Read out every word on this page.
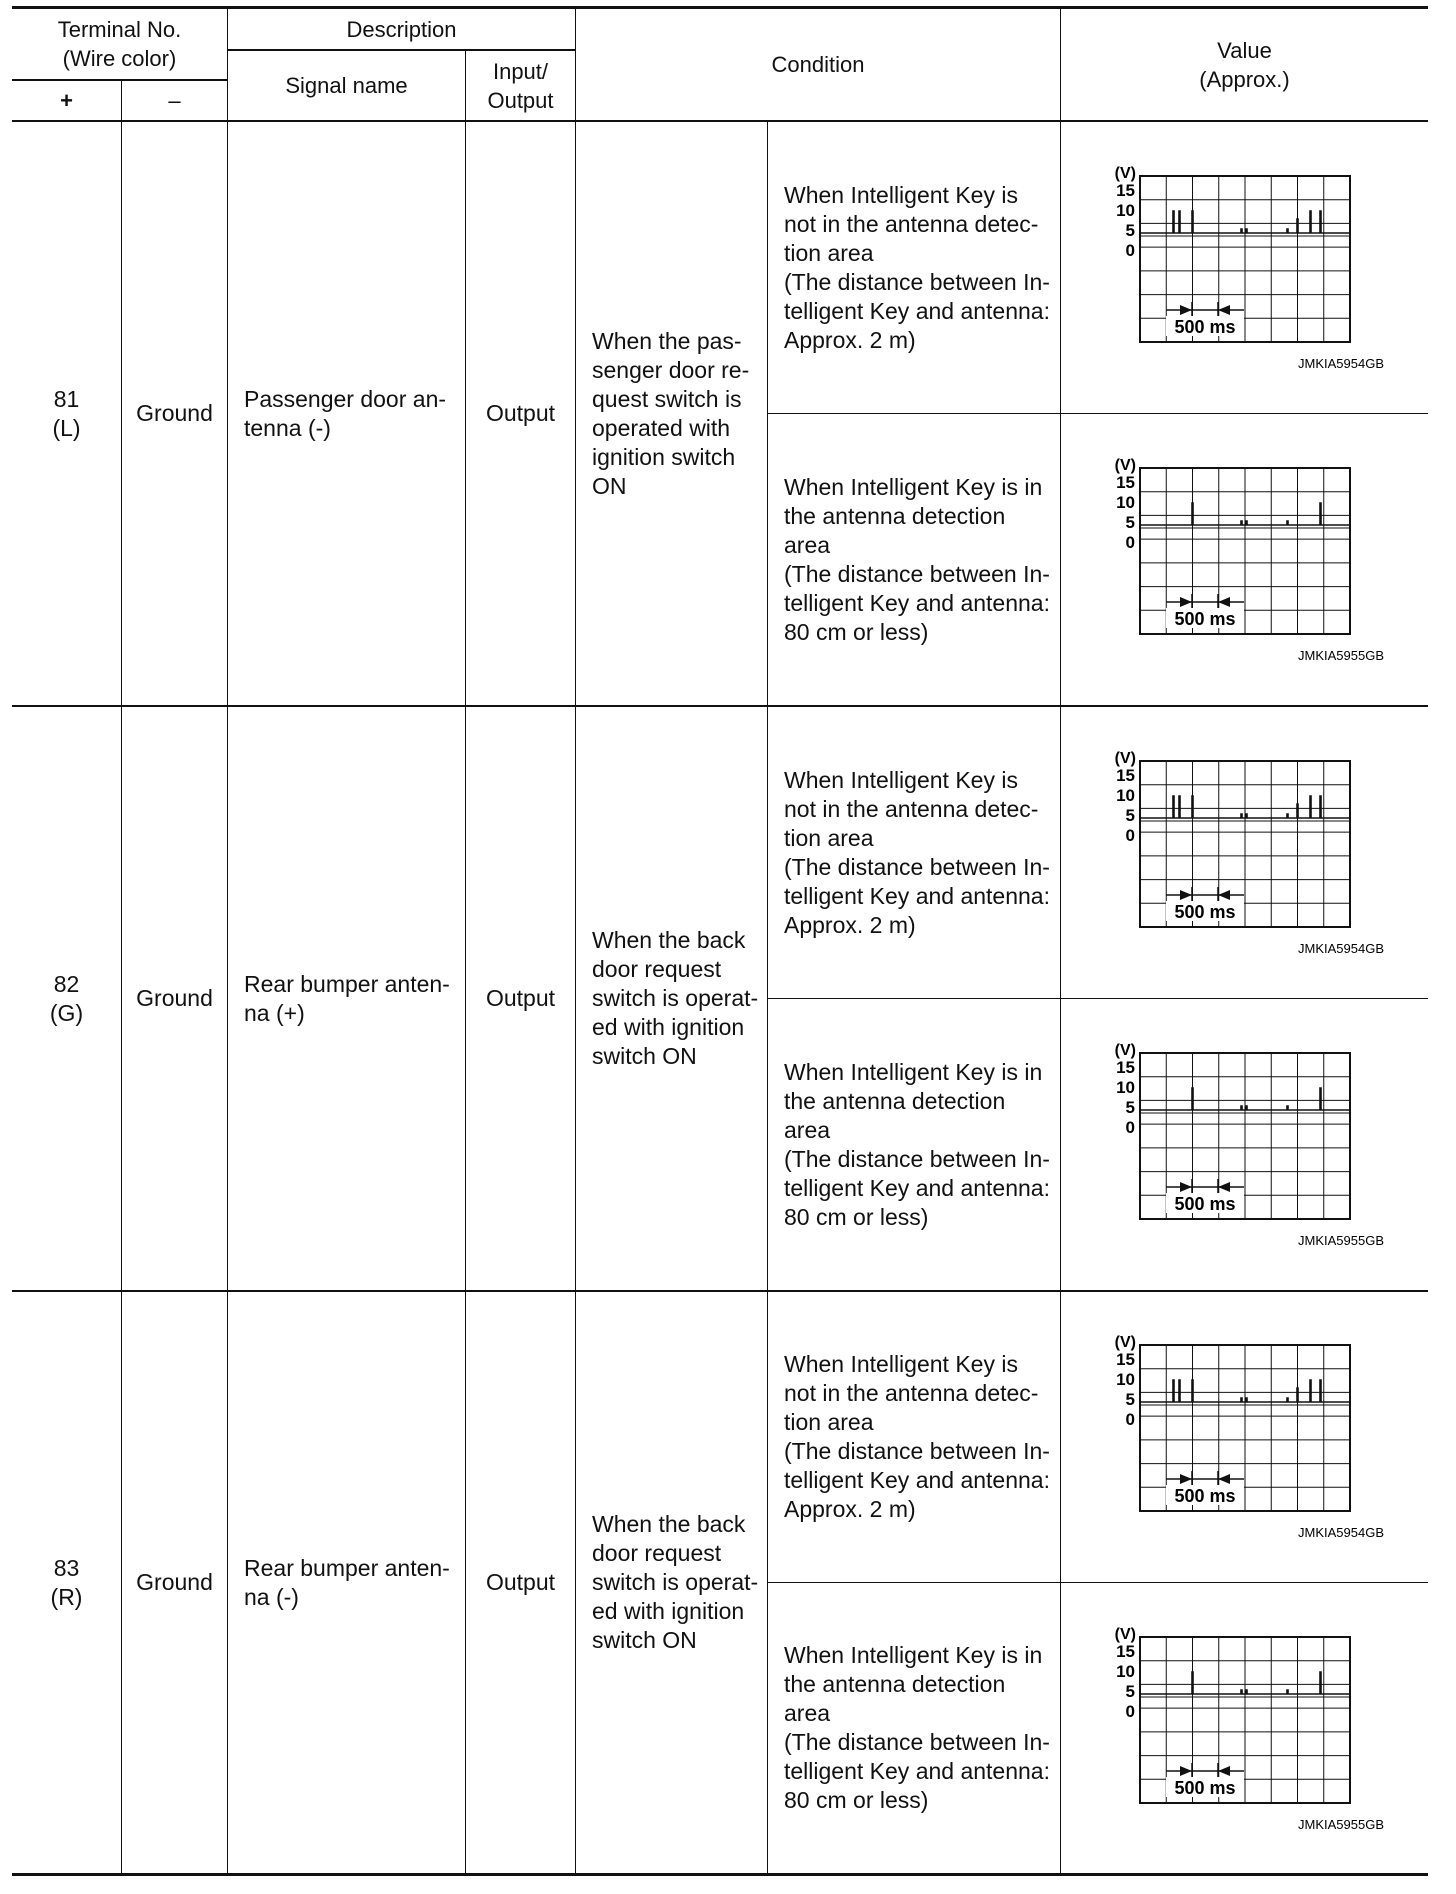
Terminal No.
(Wire color)
+	–
Description
Signal name
Input/
Output
Condition
Value
(Approx.)
81
(L)
Ground
Passenger door an-
tenna (-)
Output
When the pas-
senger door re-
quest switch is
operated with
ignition switch
ON
When Intelligent Key is
not in the antenna detec-
tion area
(The distance between In-
telligent Key and antenna:
Approx. 2 m)
When Intelligent Key is in
the antenna detection
area
(The distance between In-
telligent Key and antenna:
80 cm or less)
82
(G)
Ground
Rear bumper anten-
na (+)
Output
When the back
door request
switch is operat-
ed with ignition
switch ON
When Intelligent Key is
not in the antenna detec-
tion area
(The distance between In-
telligent Key and antenna:
Approx. 2 m)
When Intelligent Key is in
the antenna detection
area
(The distance between In-
telligent Key and antenna:
80 cm or less)
83
(R)
Ground
Rear bumper anten-
na (-)
Output
When the back
door request
switch is operat-
ed with ignition
switch ON
When Intelligent Key is
not in the antenna detec-
tion area
(The distance between In-
telligent Key and antenna:
Approx. 2 m)
When Intelligent Key is in
the antenna detection
area
(The distance between In-
telligent Key and antenna:
80 cm or less)
(V)
15
10
5
0
500 ms
JMKIA5954GB
(V)
15
10
5
0
500 ms
JMKIA5955GB
(V)
15
10
5
0
500 ms
JMKIA5954GB
(V)
15
10
5
0
500 ms
JMKIA5955GB
(V)
15
10
5
0
500 ms
JMKIA5954GB
(V)
15
10
5
0
500 ms
JMKIA5955GB
